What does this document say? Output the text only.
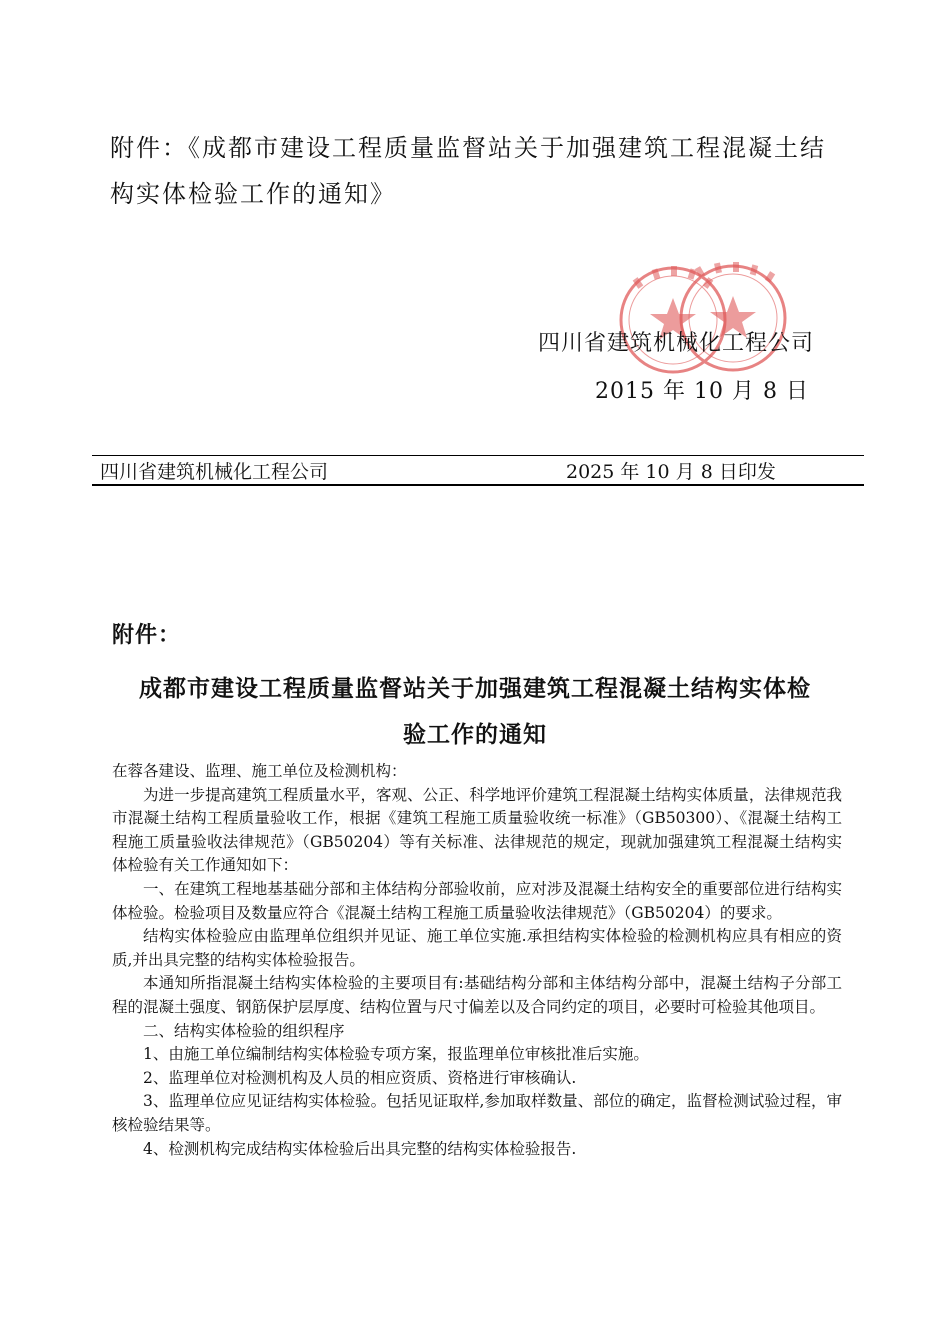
附件：《成都市建设工程质量监督站关于加强建筑工程混凝土结
构实体检验工作的通知》
四川省建筑机械化工程公司
2015 年 10 月 8 日
四川省建筑机械化工程公司	2025 年 10 月 8 日印发
附件：
成都市建设工程质量监督站关于加强建筑工程混凝土结构实体检
验工作的通知

在蓉各建设、监理、施工单位及检测机构：

为进一步提高建筑工程质量水平，客观、公正、科学地评价建筑工程混凝土结构实体质量，法律规范我市混凝土结构工程质量验收工作，根据《建筑工程施工质量验收统一标准》（GB50300）、《混凝土结构工程施工质量验收法律规范》（GB50204）等有关标准、法律规范的规定，现就加强建筑工程混凝土结构实体检验有关工作通知如下：

一、在建筑工程地基基础分部和主体结构分部验收前，应对涉及混凝土结构安全的重要部位进行结构实体检验。检验项目及数量应符合《混凝土结构工程施工质量验收法律规范》（GB50204）的要求。

结构实体检验应由监理单位组织并见证、施工单位实施.承担结构实体检验的检测机构应具有相应的资质,并出具完整的结构实体检验报告。

本通知所指混凝土结构实体检验的主要项目有:基础结构分部和主体结构分部中，混凝土结构子分部工程的混凝土强度、钢筋保护层厚度、结构位置与尺寸偏差以及合同约定的项目，必要时可检验其他项目。

二、结构实体检验的组织程序

1、由施工单位编制结构实体检验专项方案，报监理单位审核批准后实施。

2、监理单位对检测机构及人员的相应资质、资格进行审核确认.

3、监理单位应见证结构实体检验。包括见证取样,参加取样数量、部位的确定，监督检测试验过程，审核检验结果等。

4、检测机构完成结构实体检验后出具完整的结构实体检验报告.
